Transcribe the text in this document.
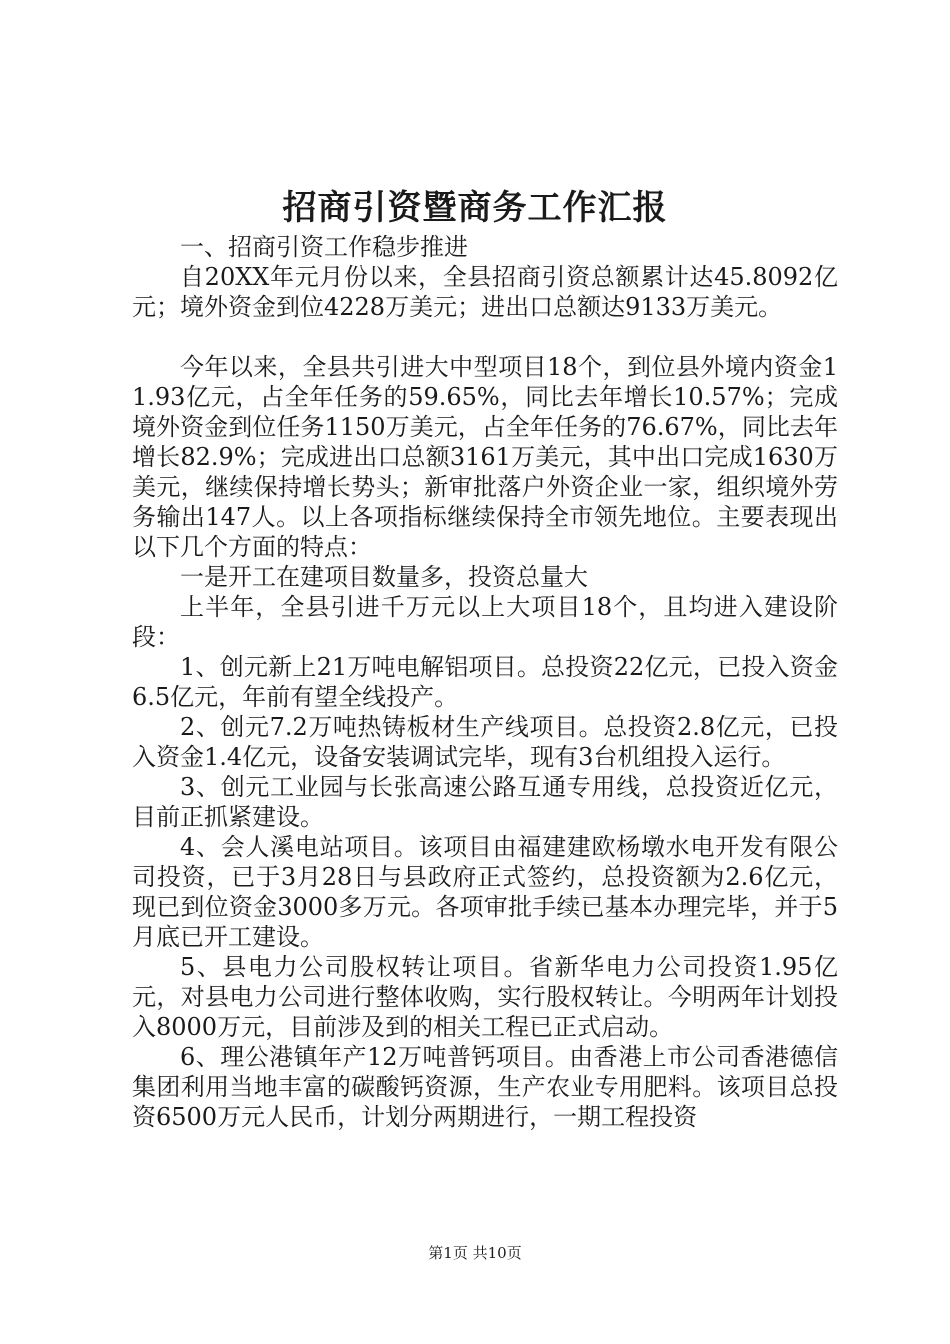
招商引资暨商务工作汇报

一、招商引资工作稳步推进

自20XX年元月份以来，全县招商引资总额累计达45.8092亿元；境外资金到位4228万美元；进出口总额达9133万美元。

今年以来，全县共引进大中型项目18个，到位县外境内资金11.93亿元，占全年任务的59.65%，同比去年增长10.57%；完成境外资金到位任务1150万美元，占全年任务的76.67%，同比去年增长82.9%；完成进出口总额3161万美元，其中出口完成1630万美元，继续保持增长势头；新审批落户外资企业一家，组织境外劳务输出147人。以上各项指标继续保持全市领先地位。主要表现出以下几个方面的特点：

一是开工在建项目数量多，投资总量大

上半年，全县引进千万元以上大项目18个，且均进入建设阶段：

1、创元新上21万吨电解铝项目。总投资22亿元，已投入资金6.5亿元，年前有望全线投产。

2、创元7.2万吨热铸板材生产线项目。总投资2.8亿元，已投入资金1.4亿元，设备安装调试完毕，现有3台机组投入运行。

3、创元工业园与长张高速公路互通专用线，总投资近亿元，目前正抓紧建设。

4、会人溪电站项目。该项目由福建建欧杨墩水电开发有限公司投资，已于3月28日与县政府正式签约，总投资额为2.6亿元，现已到位资金3000多万元。各项审批手续已基本办理完毕，并于5月底已开工建设。

5、县电力公司股权转让项目。省新华电力公司投资1.95亿元，对县电力公司进行整体收购，实行股权转让。今明两年计划投入8000万元，目前涉及到的相关工程已正式启动。

6、理公港镇年产12万吨普钙项目。由香港上市公司香港德信集团利用当地丰富的碳酸钙资源，生产农业专用肥料。该项目总投资6500万元人民币，计划分两期进行，一期工程投资

第1页 共10页
